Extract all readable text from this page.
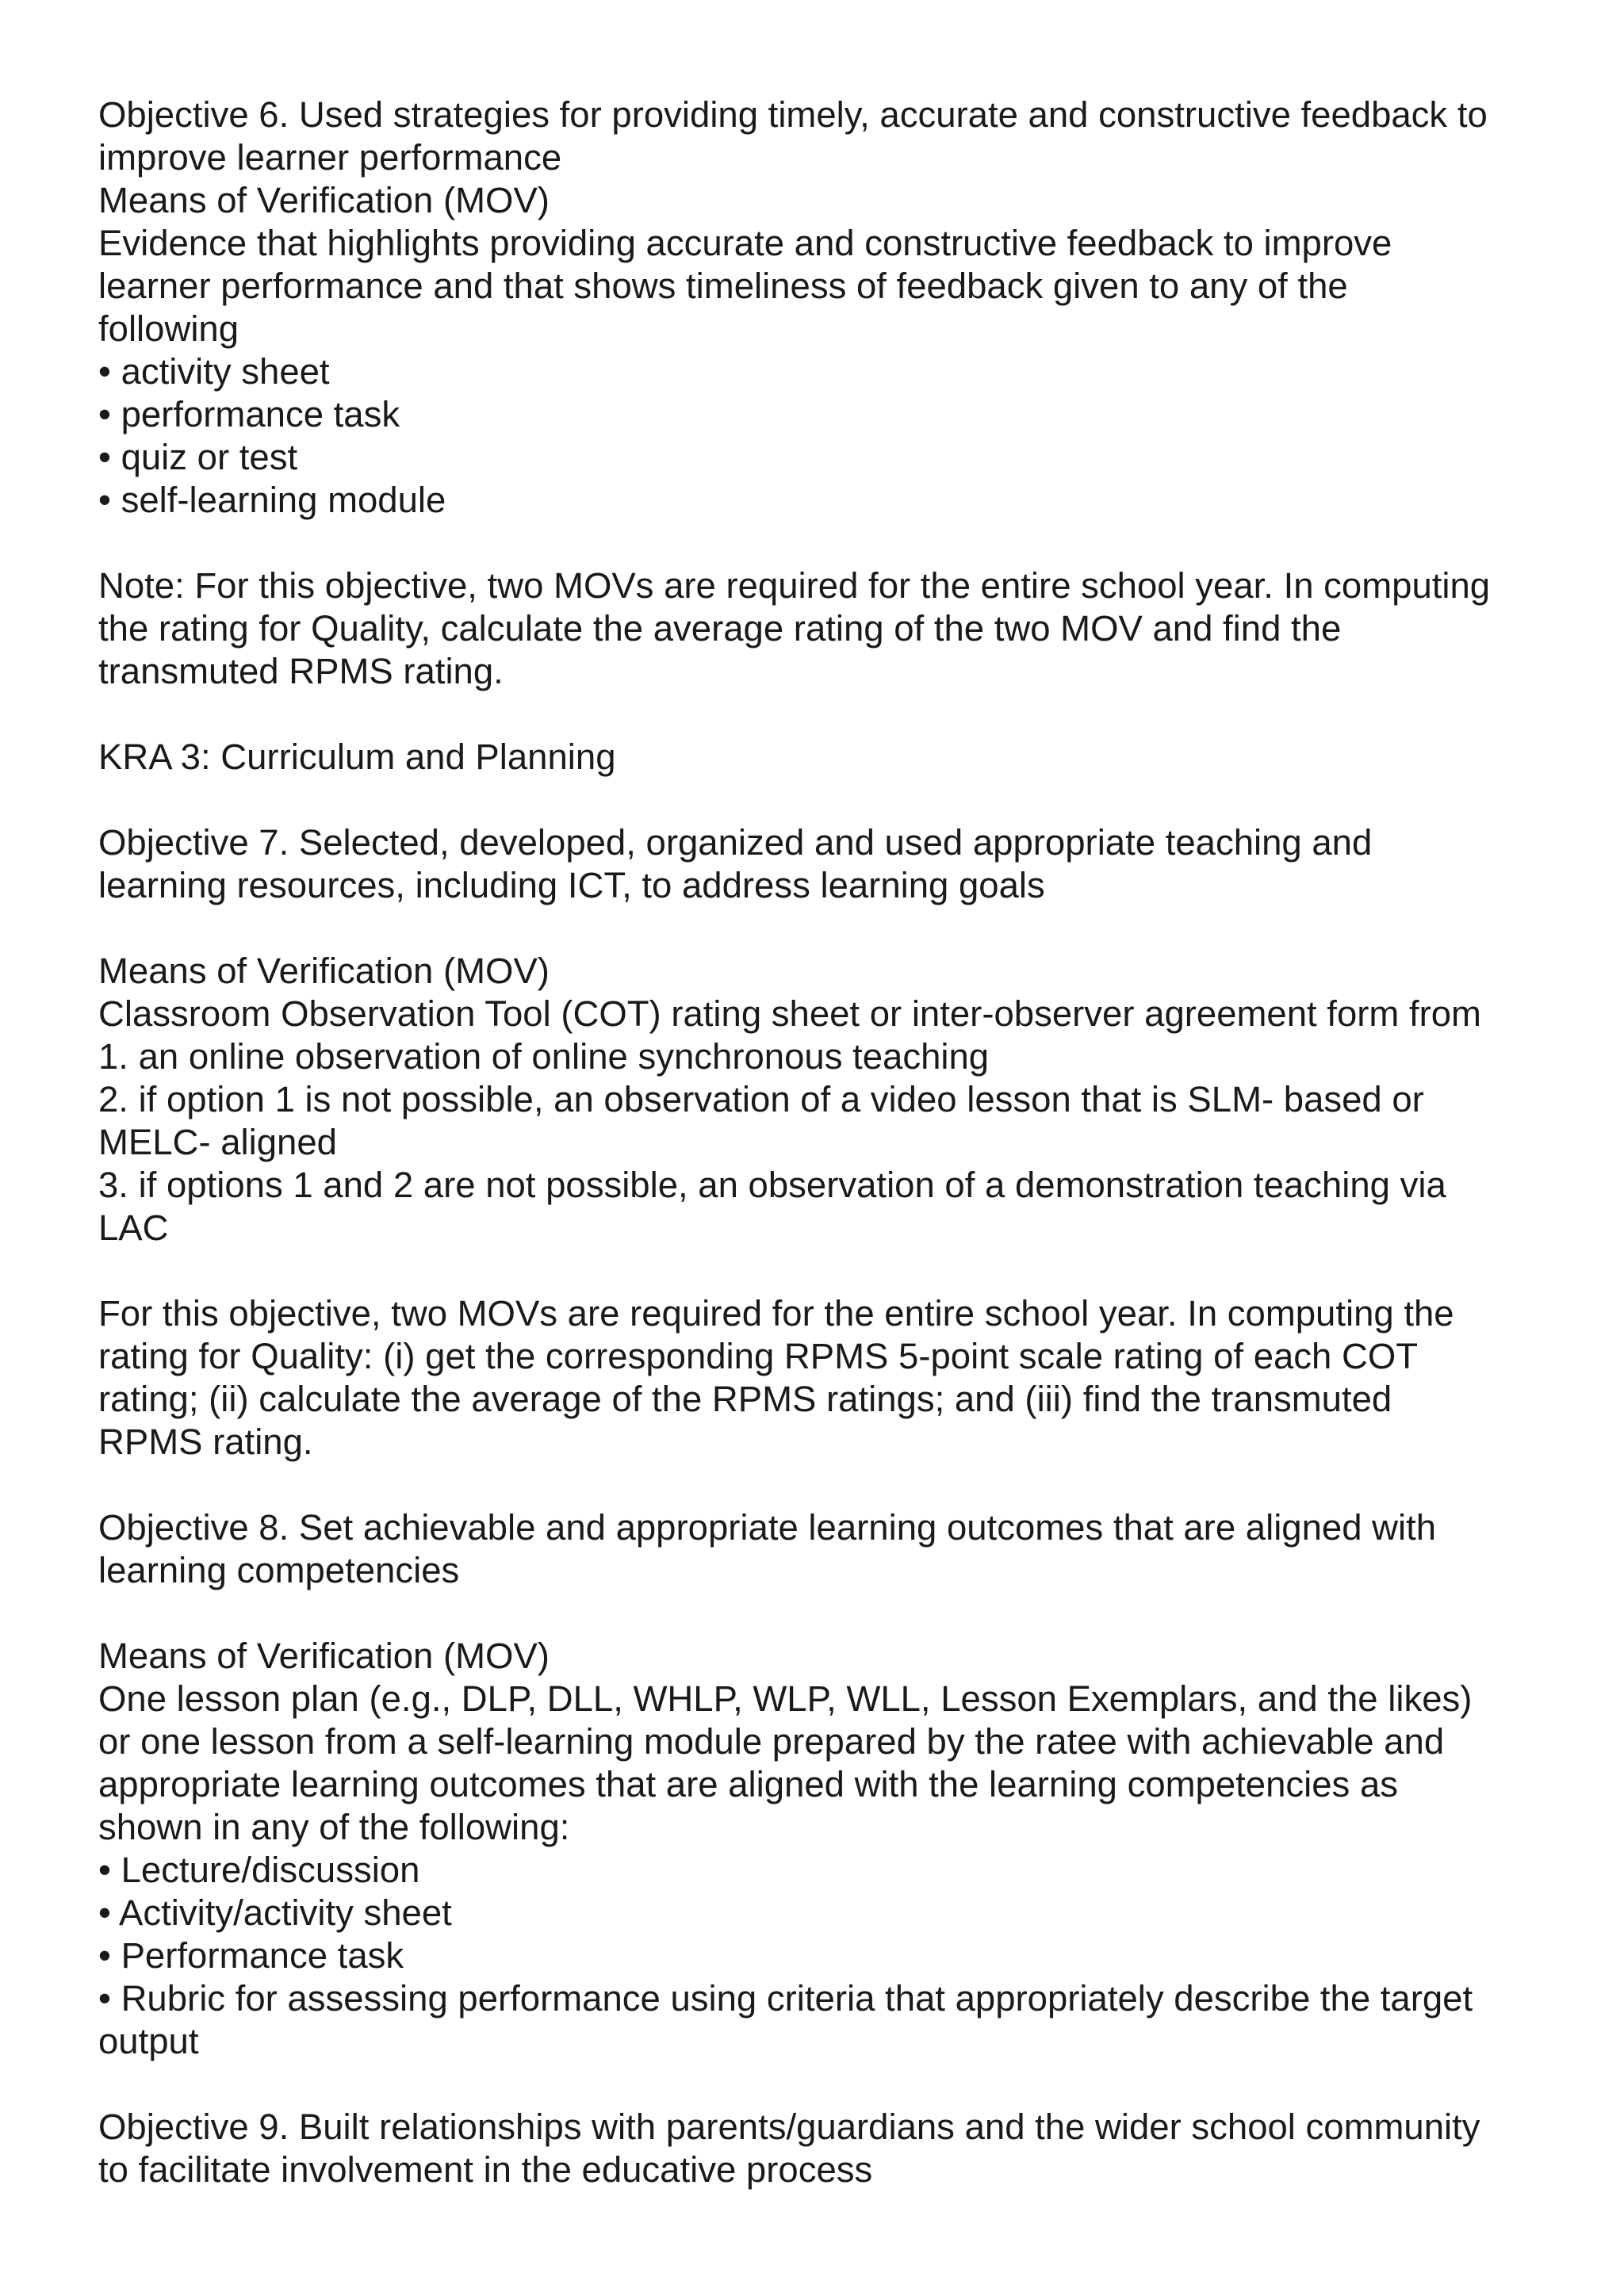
Objective 6. Used strategies for providing timely, accurate and constructive feedback to
improve learner performance
Means of Verification (MOV)
Evidence that highlights providing accurate and constructive feedback to improve
learner performance and that shows timeliness of feedback given to any of the
following
• activity sheet
• performance task
• quiz or test
• self-learning module
Note: For this objective, two MOVs are required for the entire school year. In computing
the rating for Quality, calculate the average rating of the two MOV and find the
transmuted RPMS rating.
KRA 3: Curriculum and Planning
Objective 7. Selected, developed, organized and used appropriate teaching and
learning resources, including ICT, to address learning goals
Means of Verification (MOV)
Classroom Observation Tool (COT) rating sheet or inter-observer agreement form from
1. an online observation of online synchronous teaching
2. if option 1 is not possible, an observation of a video lesson that is SLM- based or
MELC- aligned
3. if options 1 and 2 are not possible, an observation of a demonstration teaching via
LAC
For this objective, two MOVs are required for the entire school year. In computing the
rating for Quality: (i) get the corresponding RPMS 5-point scale rating of each COT
rating; (ii) calculate the average of the RPMS ratings; and (iii) find the transmuted
RPMS rating.
Objective 8. Set achievable and appropriate learning outcomes that are aligned with
learning competencies
Means of Verification (MOV)
One lesson plan (e.g., DLP, DLL, WHLP, WLP, WLL, Lesson Exemplars, and the likes)
or one lesson from a self-learning module prepared by the ratee with achievable and
appropriate learning outcomes that are aligned with the learning competencies as
shown in any of the following:
• Lecture/discussion
• Activity/activity sheet
• Performance task
• Rubric for assessing performance using criteria that appropriately describe the target
output
Objective 9. Built relationships with parents/guardians and the wider school community
to facilitate involvement in the educative process
